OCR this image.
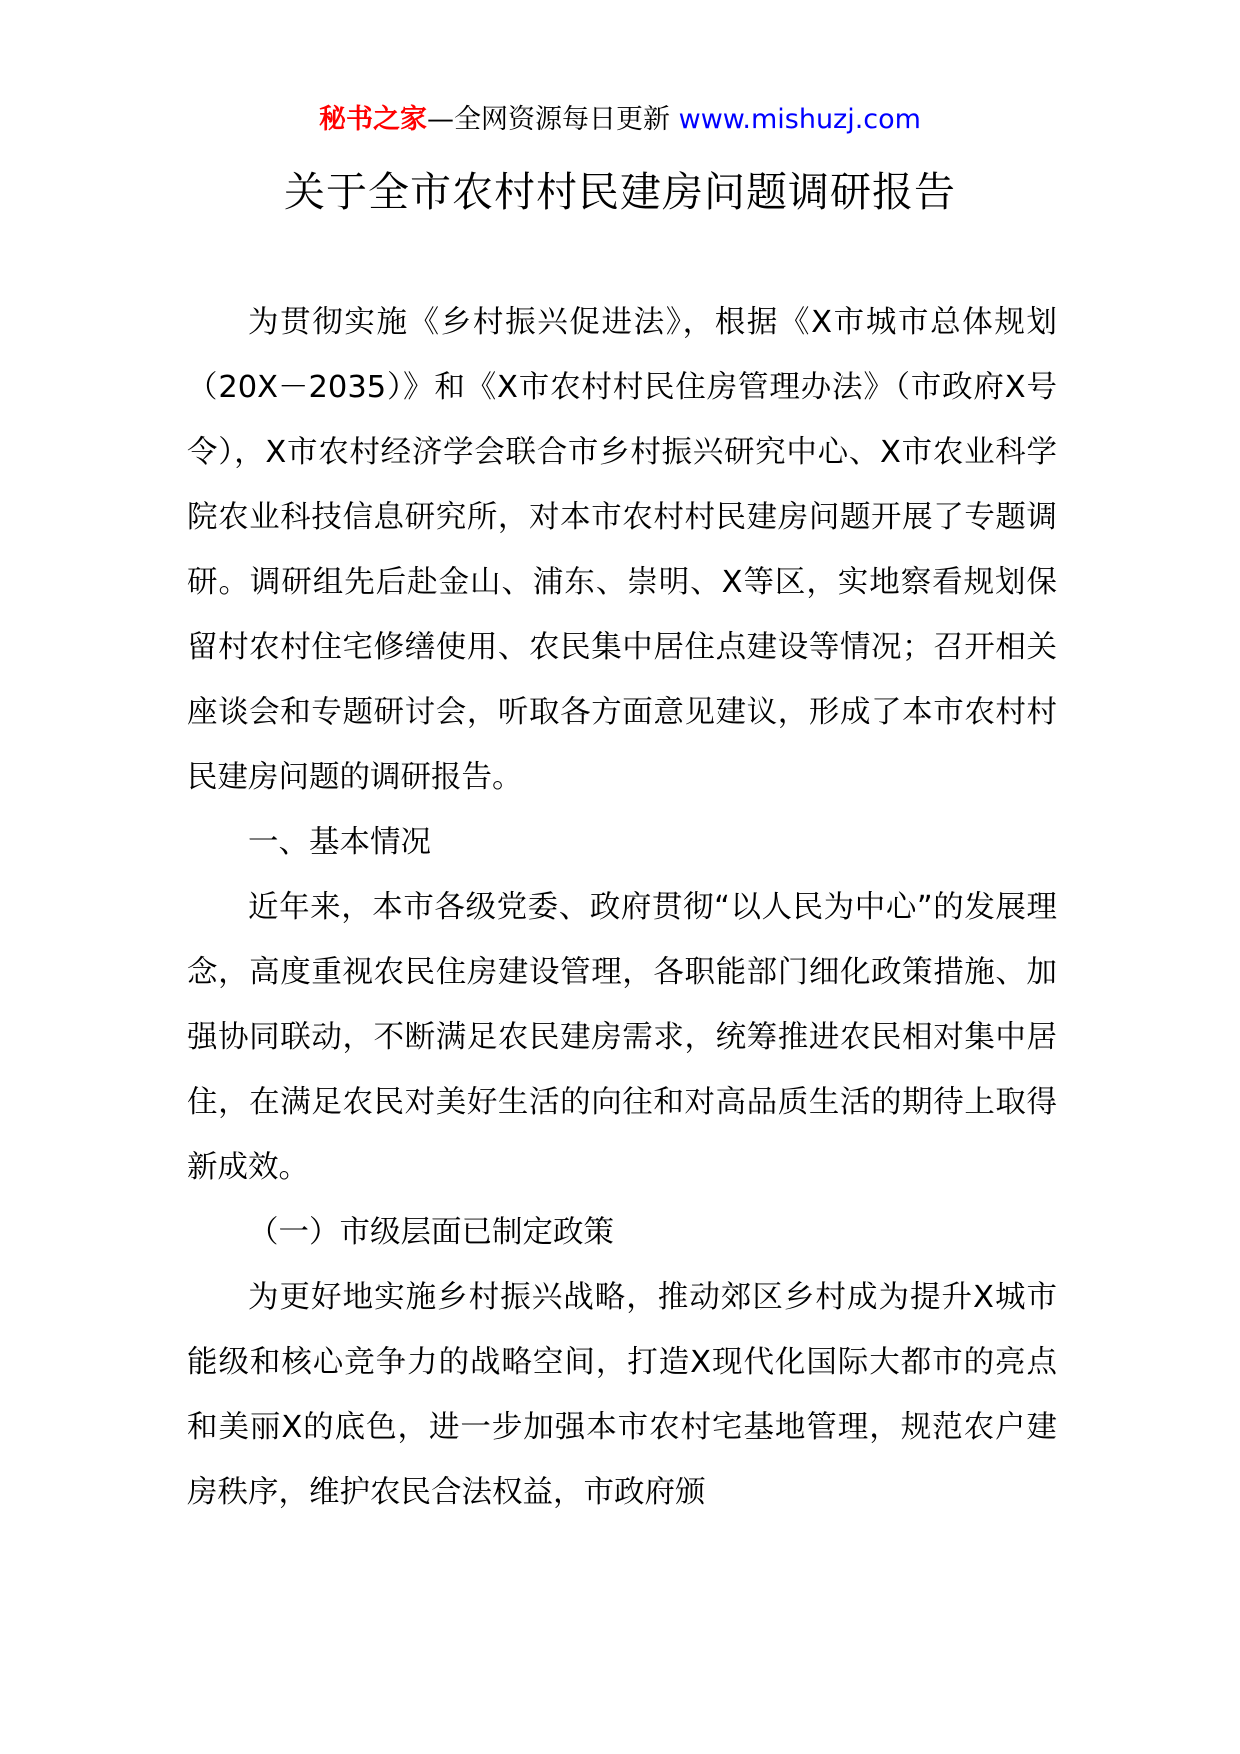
秘书之家—全网资源每日更新 www.mishuzj.com
关于全市农村村民建房问题调研报告

为贯彻实施《乡村振兴促进法》，根据《X市城市总体规划（20X－2035）》和《X市农村村民住房管理办法》（市政府X号令），X市农村经济学会联合市乡村振兴研究中心、X市农业科学院农业科技信息研究所，对本市农村村民建房问题开展了专题调研。调研组先后赴金山、浦东、崇明、X等区，实地察看规划保留村农村住宅修缮使用、农民集中居住点建设等情况；召开相关座谈会和专题研讨会，听取各方面意见建议，形成了本市农村村民建房问题的调研报告。

一、基本情况

近年来，本市各级党委、政府贯彻“以人民为中心”的发展理念，高度重视农民住房建设管理，各职能部门细化政策措施、加强协同联动，不断满足农民建房需求，统筹推进农民相对集中居住，在满足农民对美好生活的向往和对高品质生活的期待上取得新成效。

（一）市级层面已制定政策

为更好地实施乡村振兴战略，推动郊区乡村成为提升X城市能级和核心竞争力的战略空间，打造X现代化国际大都市的亮点和美丽X的底色，进一步加强本市农村宅基地管理，规范农户建房秩序，维护农民合法权益，市政府颁
